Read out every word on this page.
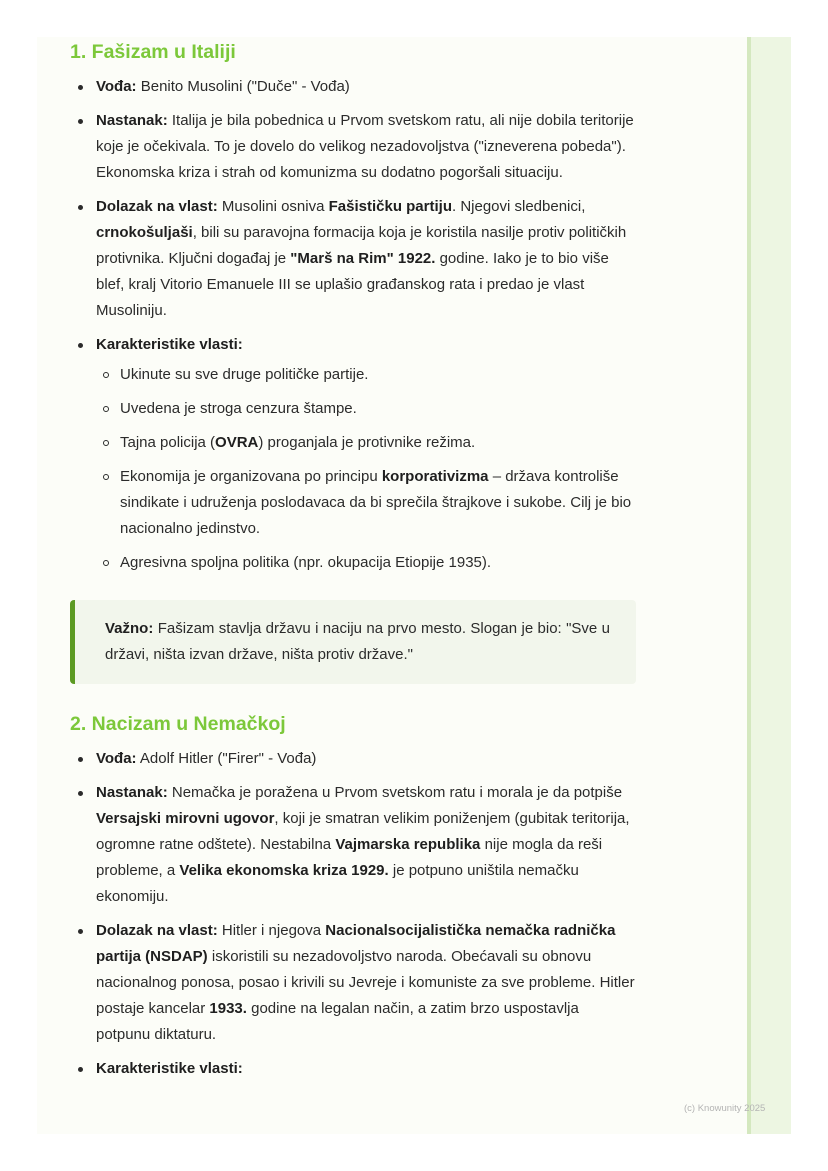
1. Fašizam u Italiji
Vođa: Benito Musolini ("Duče" - Vođa)
Nastanak: Italija je bila pobednica u Prvom svetskom ratu, ali nije dobila teritorije koje je očekivala. To je dovelo do velikog nezadovoljstva ("izneverena pobeda"). Ekonomska kriza i strah od komunizma su dodatno pogoršali situaciju.
Dolazak na vlast: Musolini osniva Fašističku partiju. Njegovi sledbenici, crnokošuljaši, bili su paravojna formacija koja je koristila nasilje protiv političkih protivnika. Ključni događaj je "Marš na Rim" 1922. godine. Iako je to bio više blef, kralj Vitorio Emanuele III se uplašio građanskog rata i predao je vlast Musoliniju.
Karakteristike vlasti:
Ukinute su sve druge političke partije.
Uvedena je stroga cenzura štampe.
Tajna policija (OVRA) proganjala je protivnike režima.
Ekonomija je organizovana po principu korporativizma – država kontroliše sindikate i udruženja poslodavaca da bi sprečila štrajkove i sukobe. Cilj je bio nacionalno jedinstvo.
Agresivna spoljna politika (npr. okupacija Etiopije 1935).
Važno: Fašizam stavlja državu i naciju na prvo mesto. Slogan je bio: "Sve u državi, ništa izvan države, ništa protiv države."
2. Nacizam u Nemačkoj
Vođa: Adolf Hitler ("Firer" - Vođa)
Nastanak: Nemačka je poražena u Prvom svetskom ratu i morala je da potpiše Versajski mirovni ugovor, koji je smatran velikim poniženjem (gubitak teritorija, ogromne ratne odštete). Nestabilna Vajmarska republika nije mogla da reši probleme, a Velika ekonomska kriza 1929. je potpuno uništila nemačku ekonomiju.
Dolazak na vlast: Hitler i njegova Nacionalsocijalistička nemačka radnička partija (NSDAP) iskoristili su nezadovoljstvo naroda. Obećavali su obnovu nacionalnog ponosa, posao i krivili su Jevreje i komuniste za sve probleme. Hitler postaje kancelar 1933. godine na legalan način, a zatim brzo uspostavlja potpunu diktaturu.
Karakteristike vlasti:
(c) Knowunity 2025
